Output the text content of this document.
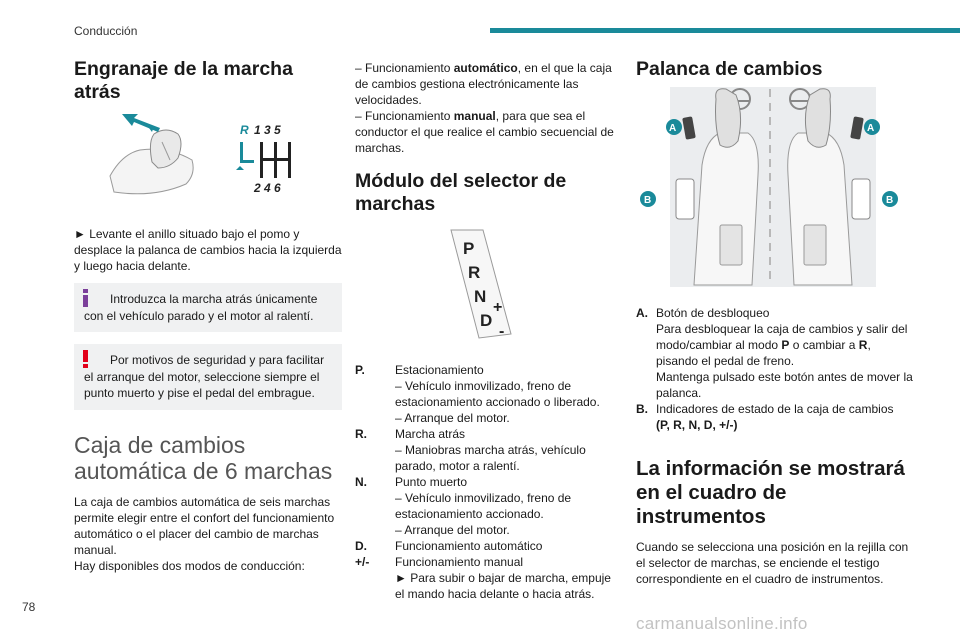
Conducción
Engranaje de la marcha atrás
R 1 3 5
2 4 6

► Levante el anillo situado bajo el pomo y desplace la palanca de cambios hacia la izquierda y luego hacia delante.

Introduzca la marcha atrás únicamente con el vehículo parado y el motor al ralentí.
Por motivos de seguridad y para facilitar el arranque del motor, seleccione siempre el punto muerto y pise el pedal del embrague.
Caja de cambios automática de 6 marchas

La caja de cambios automática de seis marchas permite elegir entre el confort del funcionamiento automático o el placer del cambio de marchas manual.

Hay disponibles dos modos de conducción:

– Funcionamiento automático, en el que la caja de cambios gestiona electrónicamente las velocidades.

– Funcionamiento manual, para que sea el conductor el que realice el cambio secuencial de marchas.

Módulo del selector de marchas
P
R
N
D
+
-
P.	Estacionamiento
– Vehículo inmovilizado, freno de estacionamiento accionado o liberado.
– Arranque del motor.
R.	Marcha atrás
– Maniobras marcha atrás, vehículo parado, motor a ralentí.
N.	Punto muerto
– Vehículo inmovilizado, freno de estacionamiento accionado.
– Arranque del motor.
D.	Funcionamiento automático
+/-	Funcionamiento manual
► Para subir o bajar de marcha, empuje el mando hacia delante o hacia atrás.
Palanca de cambios
A	A
B	B
A. Botón de desbloqueo
Para desbloquear la caja de cambios y salir del modo/cambiar al modo P o cambiar a R, pisando el pedal de freno.
Mantenga pulsado este botón antes de mover la palanca.
B. Indicadores de estado de la caja de cambios
(P, R, N, D, +/-)
La información se mostrará en el cuadro de instrumentos

Cuando se selecciona una posición en la rejilla con el selector de marchas, se enciende el testigo correspondiente en el cuadro de instrumentos.

78
carmanualsonline.info
